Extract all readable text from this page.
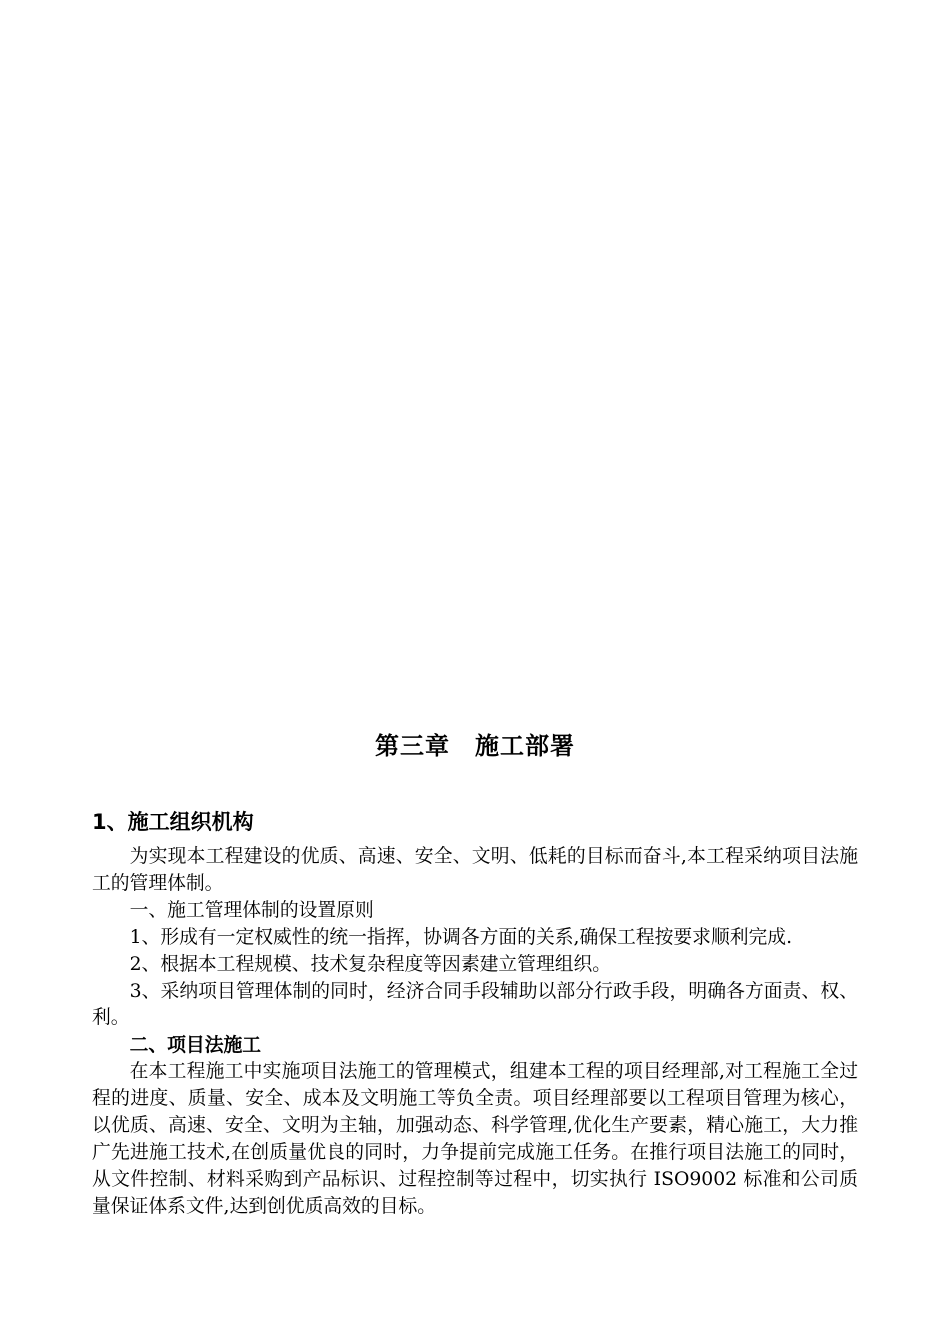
第三章　施工部署
1、施工组织机构

为实现本工程建设的优质、高速、安全、文明、低耗的目标而奋斗,本工程采纳项目法施工的管理体制。

一、施工管理体制的设置原则

1、形成有一定权威性的统一指挥，协调各方面的关系,确保工程按要求顺利完成.

2、根据本工程规模、技术复杂程度等因素建立管理组织。

3、采纳项目管理体制的同时，经济合同手段辅助以部分行政手段，明确各方面责、权、利。

二、项目法施工

在本工程施工中实施项目法施工的管理模式，组建本工程的项目经理部,对工程施工全过程的进度、质量、安全、成本及文明施工等负全责。项目经理部要以工程项目管理为核心，以优质、高速、安全、文明为主轴，加强动态、科学管理,优化生产要素，精心施工，大力推广先进施工技术,在创质量优良的同时，力争提前完成施工任务。在推行项目法施工的同时，从文件控制、材料采购到产品标识、过程控制等过程中，切实执行 ISO9002 标准和公司质量保证体系文件,达到创优质高效的目标。
